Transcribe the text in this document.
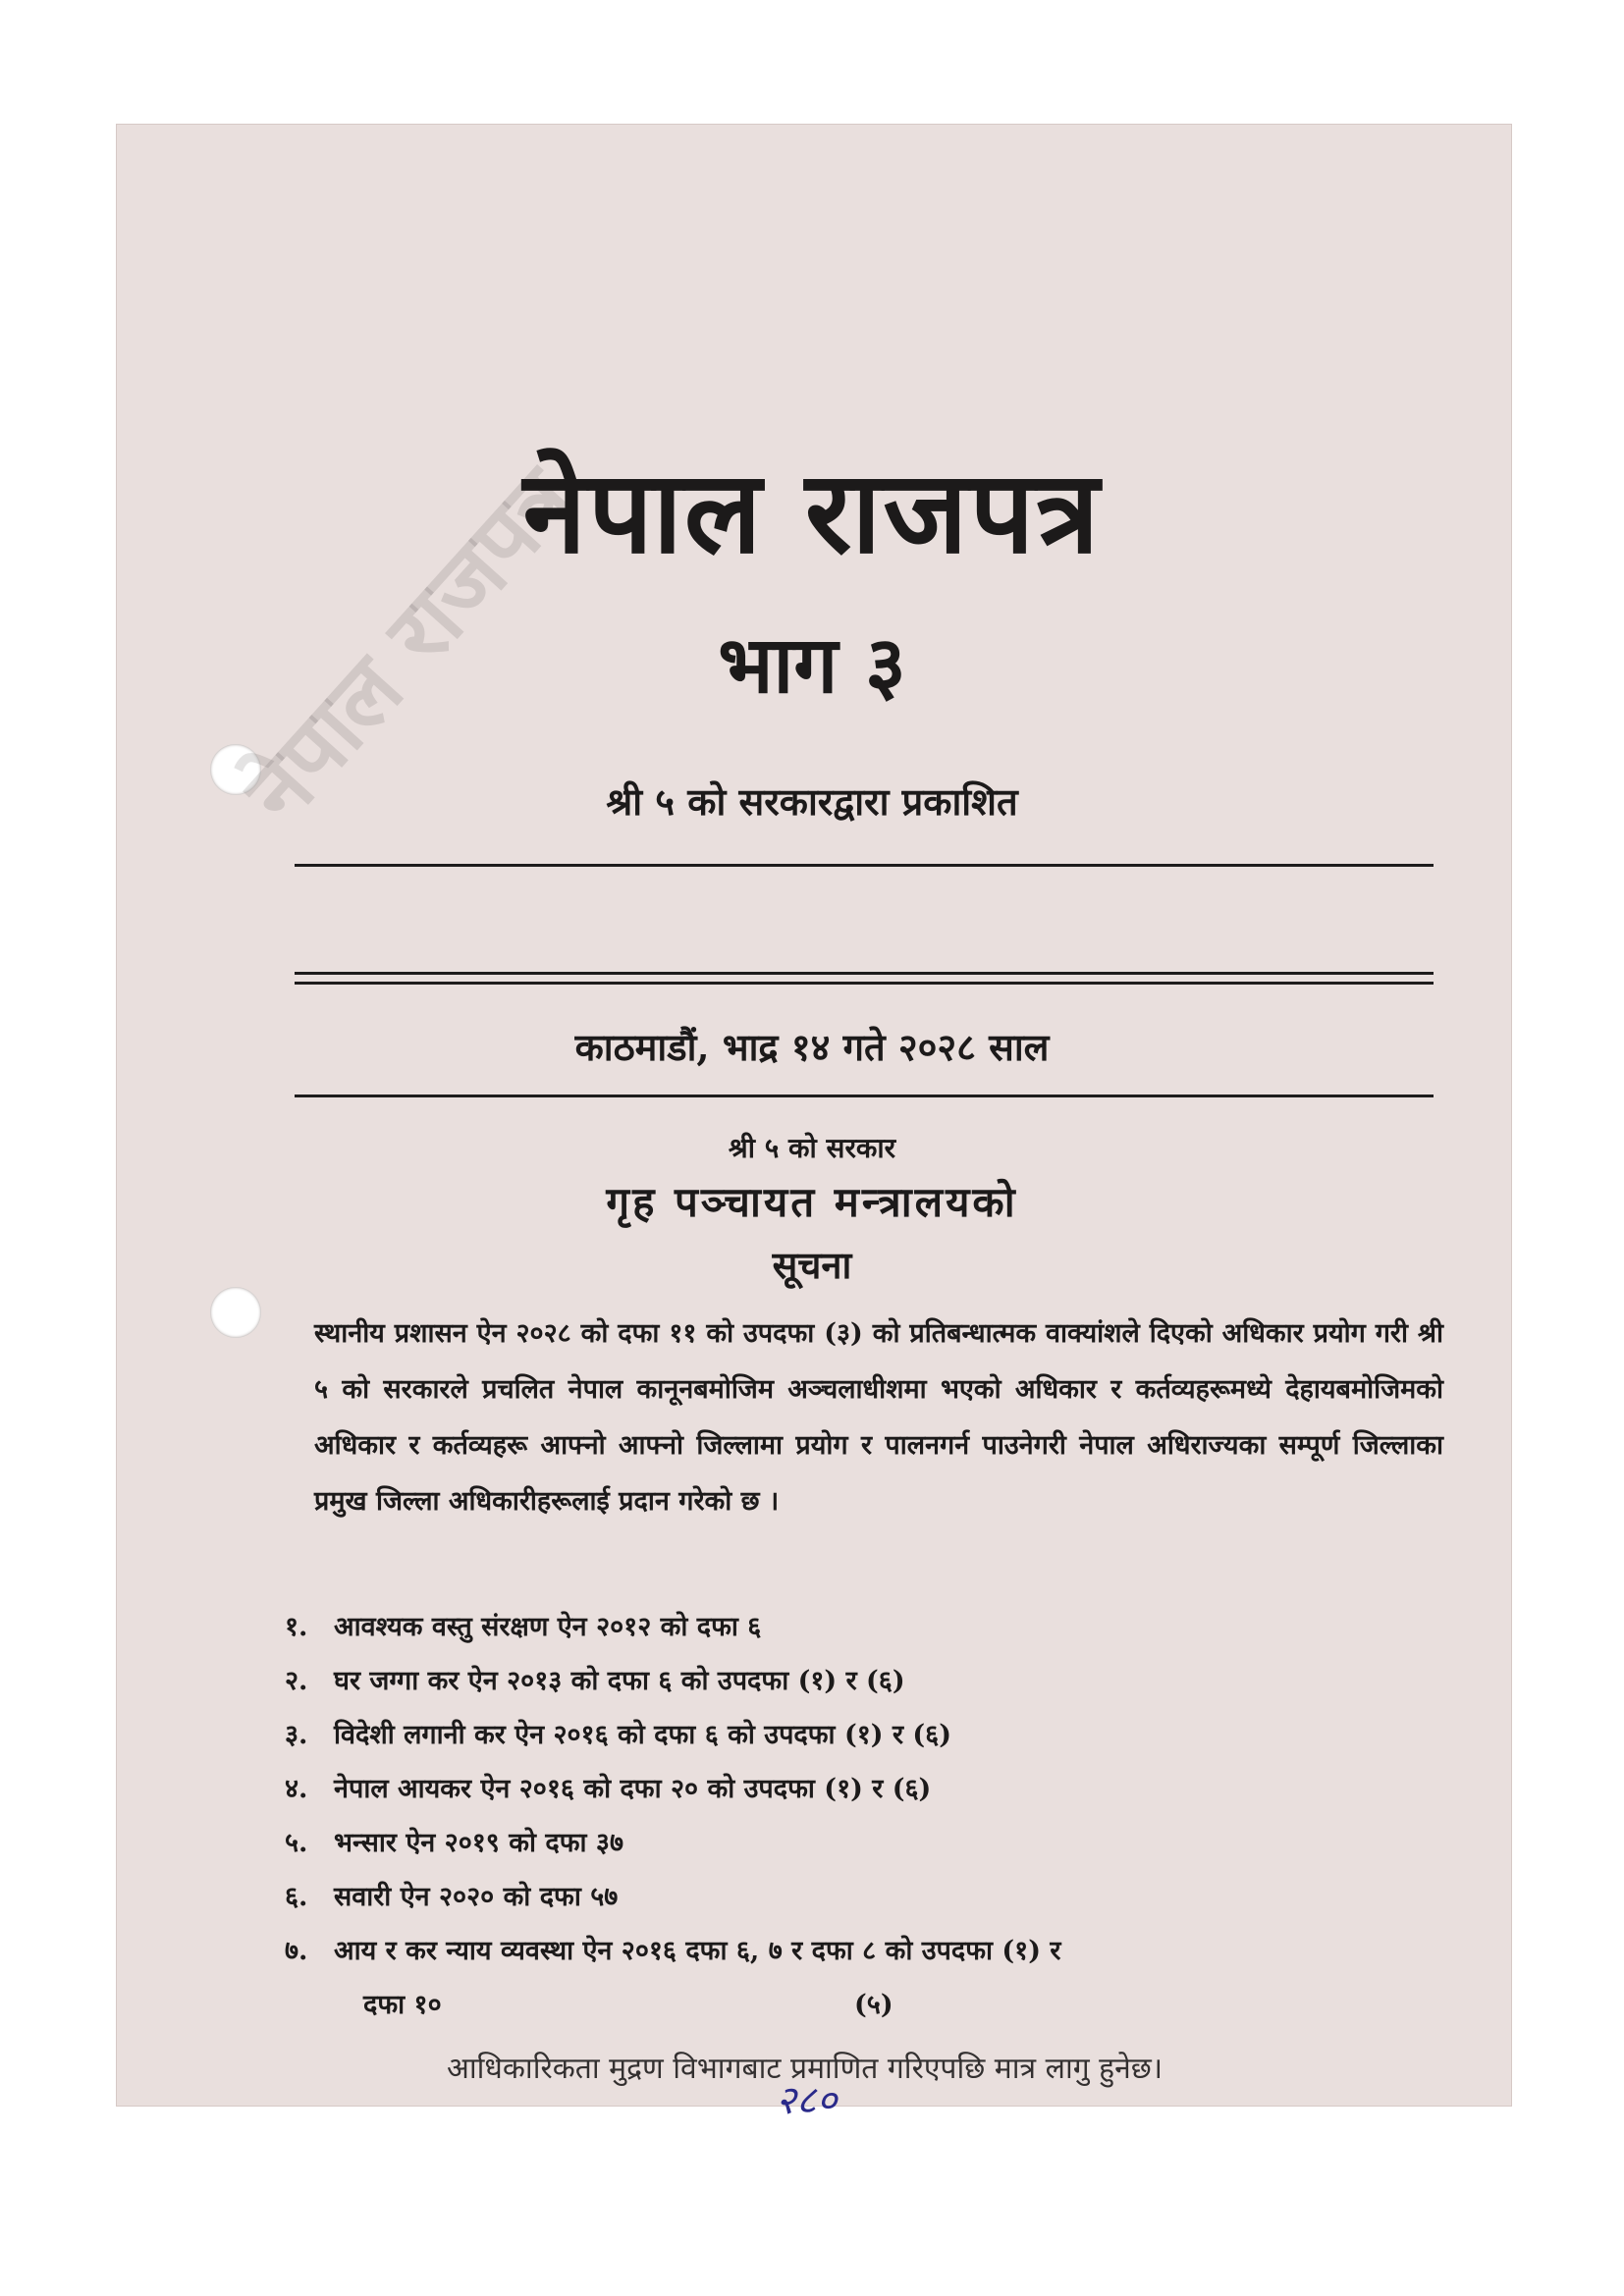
नेपाल राजपत्र
नेपाल राजपत्र
भाग ३
श्री ५ को सरकारद्वारा प्रकाशित
काठमाडौं, भाद्र १४ गते २०२८ साल
श्री ५ को सरकार
गृह पञ्चायत मन्त्रालयको
सूचना
स्थानीय प्रशासन ऐन २०२८ को दफा ११ को उपदफा (३) को प्रतिबन्धात्मक वाक्यांशले दिएको अधिकार प्रयोग गरी श्री ५ को सरकारले प्रचलित नेपाल कानूनबमोजिम अञ्चलाधीशमा भएको अधिकार र कर्तव्यहरूमध्ये देहायबमोजिमको अधिकार र कर्तव्यहरू आफ्नो आफ्नो जिल्लामा प्रयोग र पालनगर्न पाउनेगरी नेपाल अधिराज्यका सम्पूर्ण जिल्लाका प्रमुख जिल्ला अधिकारीहरूलाई प्रदान गरेको छ ।
१. आवश्यक वस्तु संरक्षण ऐन २०१२ को दफा ६
२. घर जग्गा कर ऐन २०१३ को दफा ६ को उपदफा (१) र (६)
३. विदेशी लगानी कर ऐन २०१६ को दफा ६ को उपदफा (१) र (६)
४. नेपाल आयकर ऐन २०१६ को दफा २० को उपदफा (१) र (६)
५. भन्सार ऐन २०१९ को दफा ३७
६. सवारी ऐन २०२० को दफा ५७
७. आय र कर न्याय व्यवस्था ऐन २०१६ दफा ६, ७ र दफा ८ को उपदफा (१) र
दफा १०	(५)
आधिकारिकता मुद्रण विभागबाट प्रमाणित गरिएपछि मात्र लागु हुनेछ।
२८०
